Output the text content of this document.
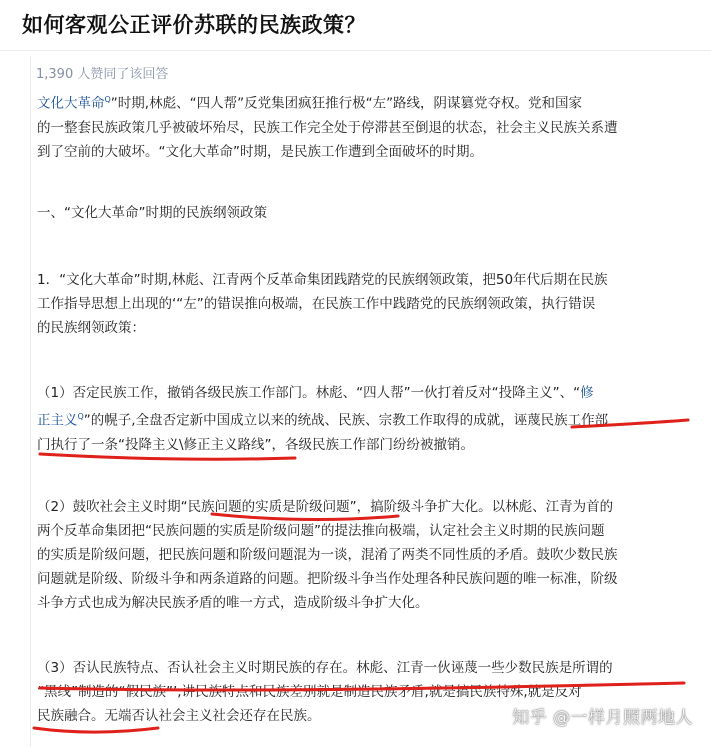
如何客观公正评价苏联的民族政策？
1,390 人赞同了该回答
文化大革命$^Q$”时期,林彪、“四人帮”反党集团疯狂推行极“左”路线，阴谋篡党夺权。党和国家
的一整套民族政策几乎被破坏殆尽，民族工作完全处于停滞甚至倒退的状态，社会主义民族关系遭
到了空前的大破坏。“文化大革命”时期，是民族工作遭到全面破坏的时期。
一、“文化大革命”时期的民族纲领政策
1．“文化大革命”时期,林彪、江青两个反革命集团践踏党的民族纲领政策，把50年代后期在民族
工作指导思想上出现的‘“左”的错误推向极端，在民族工作中践踏党的民族纲领政策，执行错误
的民族纲领政策：
（1）否定民族工作，撤销各级民族工作部门。林彪、“四人帮”一伙打着反对“投降主义”、“修
正主义$^Q$”的幌子,全盘否定新中国成立以来的统战、民族、宗教工作取得的成就，诬蔑民族工作部
门执行了一条“投降主义\修正主义路线”，各级民族工作部门纷纷被撤销。
（2）鼓吹社会主义时期“民族问题的实质是阶级问题”，搞阶级斗争扩大化。以林彪、江青为首的
两个反革命集团把“民族问题的实质是阶级问题”的提法推向极端，认定社会主义时期的民族问题
的实质是阶级问题，把民族问题和阶级问题混为一谈，混淆了两类不同性质的矛盾。鼓吹少数民族
问题就是阶级、阶级斗争和两条道路的问题。把阶级斗争当作处理各种民族问题的唯一标准，阶级
斗争方式也成为解决民族矛盾的唯一方式，造成阶级斗争扩大化。
（3）否认民族特点、否认社会主义时期民族的存在。林彪、江青一伙诬蔑一些少数民族是所谓的
“黑线”制造的“假民族”’,讲民族特点和民族差别就是制造民族矛盾,就是搞民族特殊,就是反对
民族融合。无端否认社会主义社会还存在民族。	知乎 @一样月照两地人
